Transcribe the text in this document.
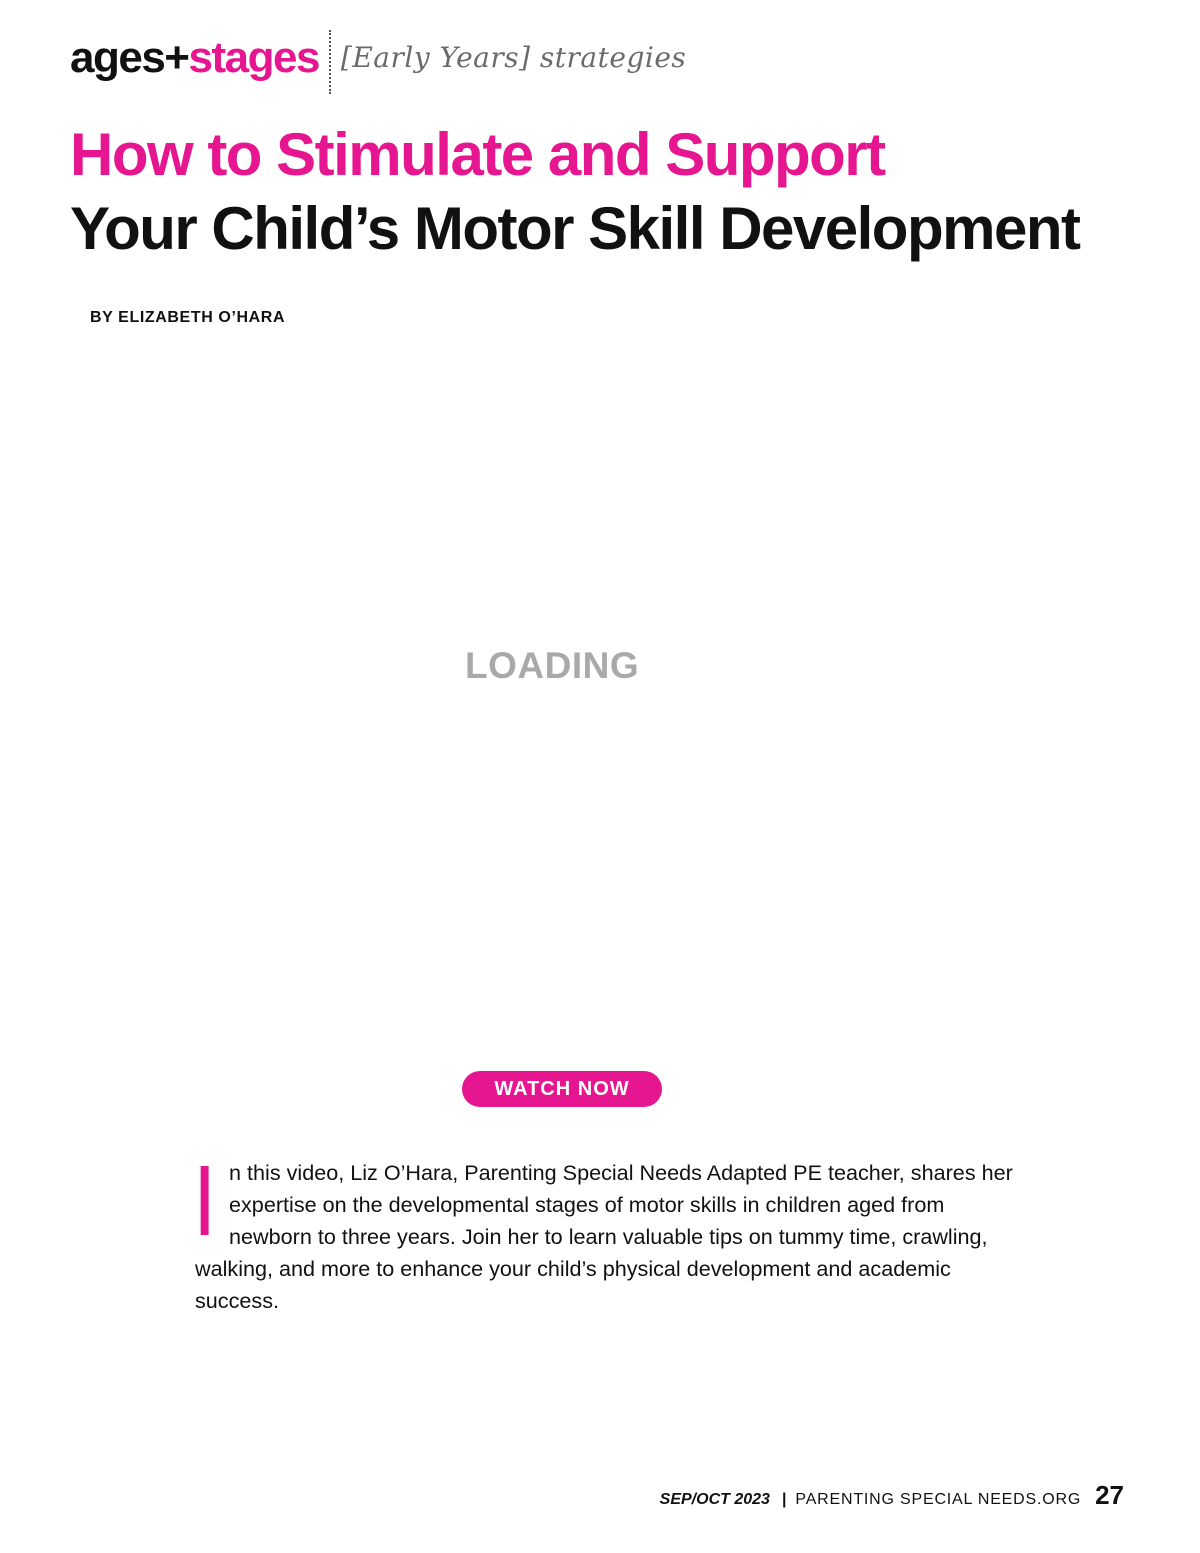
ages+stages [Early Years] strategies
How to Stimulate and Support
Your Child’s Motor Skill Development
BY ELIZABETH O’HARA
LOADING
WATCH NOW

In this video, Liz O’Hara, Parenting Special Needs Adapted PE teacher, shares her expertise on the developmental stages of motor skills in children aged from newborn to three years. Join her to learn valuable tips on tummy time, crawling, walking, and more to enhance your child’s physical development and academic success.

SEP/OCT 2023 | PARENTING SPECIAL NEEDS.ORG 27
